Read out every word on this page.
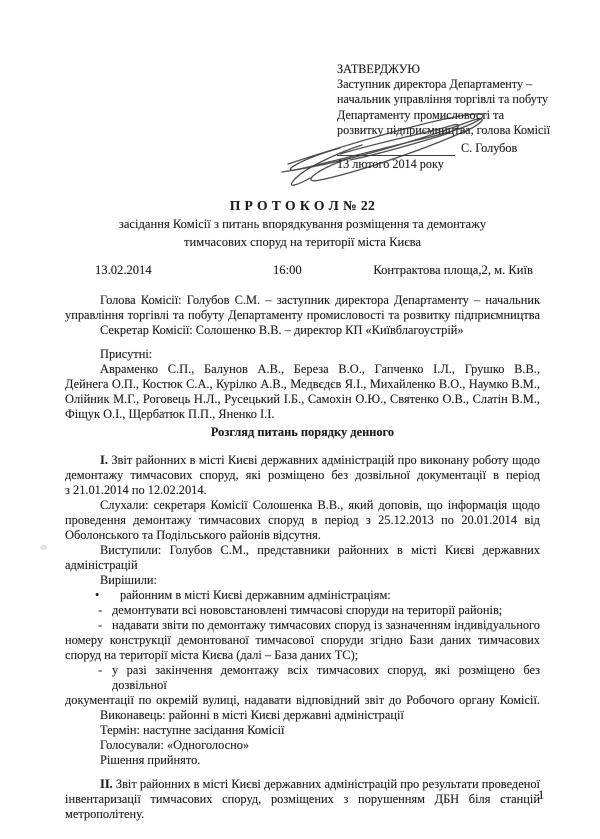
ЗАТВЕРДЖУЮ
Заступник директора Департаменту –
начальник управління торгівлі та побуту
Департаменту промисловості та
розвитку підприємництва, голова Комісії
С. Голубов
13 лютого 2014 року
П Р О Т О К О Л № 22
засідання Комісії з питань впорядкування розміщення та демонтажу
тимчасових споруд на території міста Києва
13.02.2014	16:00	Контрактова площа,2, м. Київ
Голова Комісії: Голубов С.М. – заступник директора Департаменту – начальник
управління торгівлі та побуту Департаменту промисловості та розвитку підприємництва
Секретар Комісії: Солошенко В.В. – директор КП «Київблагоустрій»
Присутні:
Авраменко С.П., Балунов А.В., Береза В.О., Гапченко І.Л., Грушко В.В.,
Дейнега О.П., Костюк С.А., Курілко А.В., Медвєдєв Я.І., Михайленко В.О., Наумко В.М.,
Олійник М.Г., Роговець Н.Л., Русецький І.Б., Самохін О.Ю., Святенко О.В., Слатін В.М.,
Фіщук О.І., Щербатюк П.П., Яненко І.І.
Розгляд питань порядку денного
І. Звіт районних в місті Києві державних адміністрацій про виконану роботу щодо
демонтажу тимчасових споруд, які розміщено без дозвільної документації в період
з 21.01.2014 по 12.02.2014.
Слухали: секретаря Комісії Солошенка В.В., який доповів, що інформація щодо
проведення демонтажу тимчасових споруд в період з 25.12.2013 по 20.01.2014 від
Оболонського та Подільського районів відсутня.
Виступили: Голубов С.М., представники районних в місті Києві державних
адміністрацій
Вирішили:
• районним в місті Києві державним адміністраціям:
- демонтувати всі нововстановлені тимчасові споруди на території районів;
- надавати звіти по демонтажу тимчасових споруд із зазначенням індивідуального
номеру конструкції демонтованої тимчасової споруди згідно Бази даних тимчасових
споруд на території міста Києва (далі – База даних ТС);
- у разі закінчення демонтажу всіх тимчасових споруд, які розміщено без дозвільної
документації по окремій вулиці, надавати відповідний звіт до Робочого органу Комісії.
Виконавець: районні в місті Києві державні адміністрації
Термін: наступне засідання Комісії
Голосували: «Одноголосно»
Рішення прийнято.
ІІ. Звіт районних в місті Києві державних адміністрацій про результати проведеної
інвентаризації тимчасових споруд, розміщених з порушенням ДБН біля станцій
метрополітену.
1
